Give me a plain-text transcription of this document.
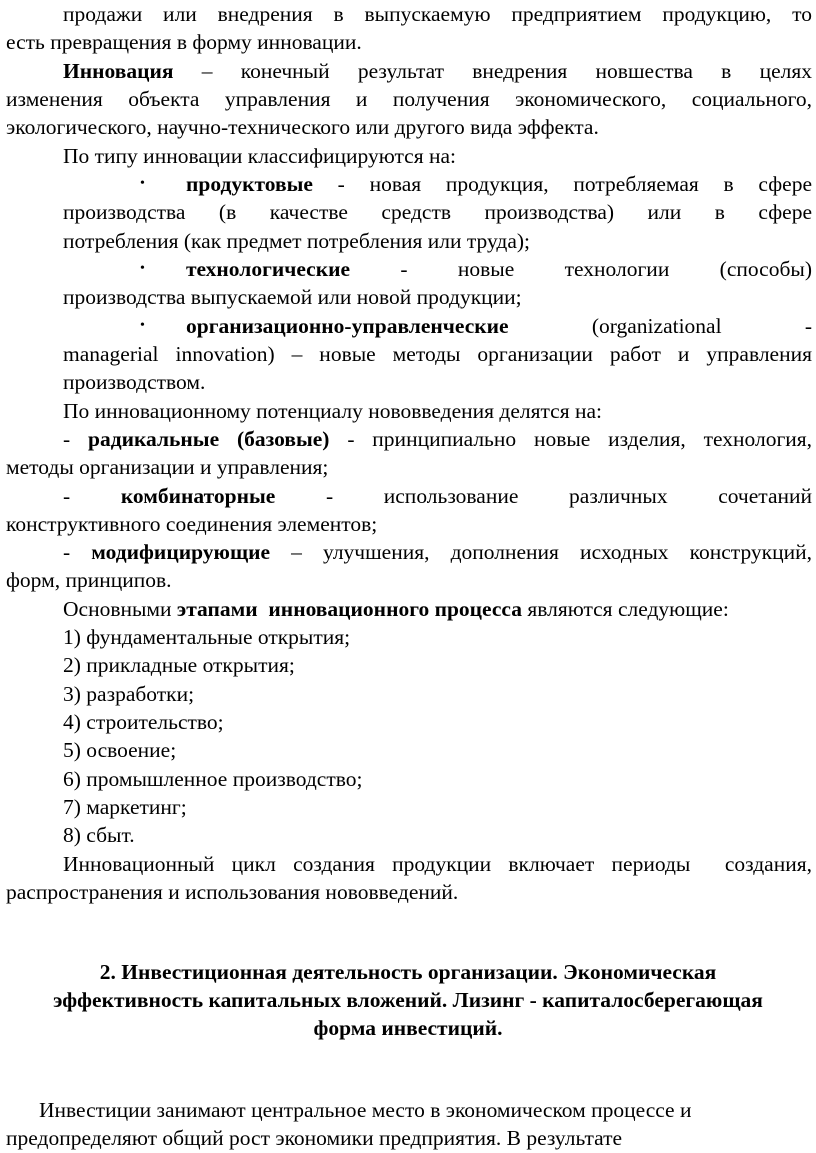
продажи или внедрения в выпускаемую предприятием продукцию, то
есть превращения в форму инновации.
Инновация – конечный результат внедрения новшества в целях
изменения объекта управления и получения экономического, социального,
экологического, научно-технического или другого вида эффекта.
По типу инновации классифицируются на:
• продуктовые - новая продукция, потребляемая в сфере
производства (в качестве средств производства) или в сфере
потребления (как предмет потребления или труда);
• технологические - новые технологии (способы)
производства выпускаемой или новой продукции;
• организационно-управленческие	(organizational -
managerial innovation) – новые методы организации работ и управления
производством.
По инновационному потенциалу нововведения делятся на:
- радикальные (базовые) - принципиально новые изделия, технология,
методы организации и управления;
- комбинаторные - использование различных сочетаний
конструктивного соединения элементов;
- модифицирующие – улучшения, дополнения исходных конструкций,
форм, принципов.
Основными этапами  инновационного процесса являются следующие:
1) фундаментальные открытия;
2) прикладные открытия;
3) разработки;
4) строительство;
5) освоение;
6) промышленное производство;
7) маркетинг;
8) сбыт.
Инновационный цикл создания продукции включает периоды  создания,
распространения и использования нововведений.
2. Инвестиционная деятельность организации. Экономическая
эффективность капитальных вложений. Лизинг - капиталосберегающая
форма инвестиций.
Инвестиции занимают центральное место в экономическом процессе и
предопределяют общий рост экономики предприятия. В результате
